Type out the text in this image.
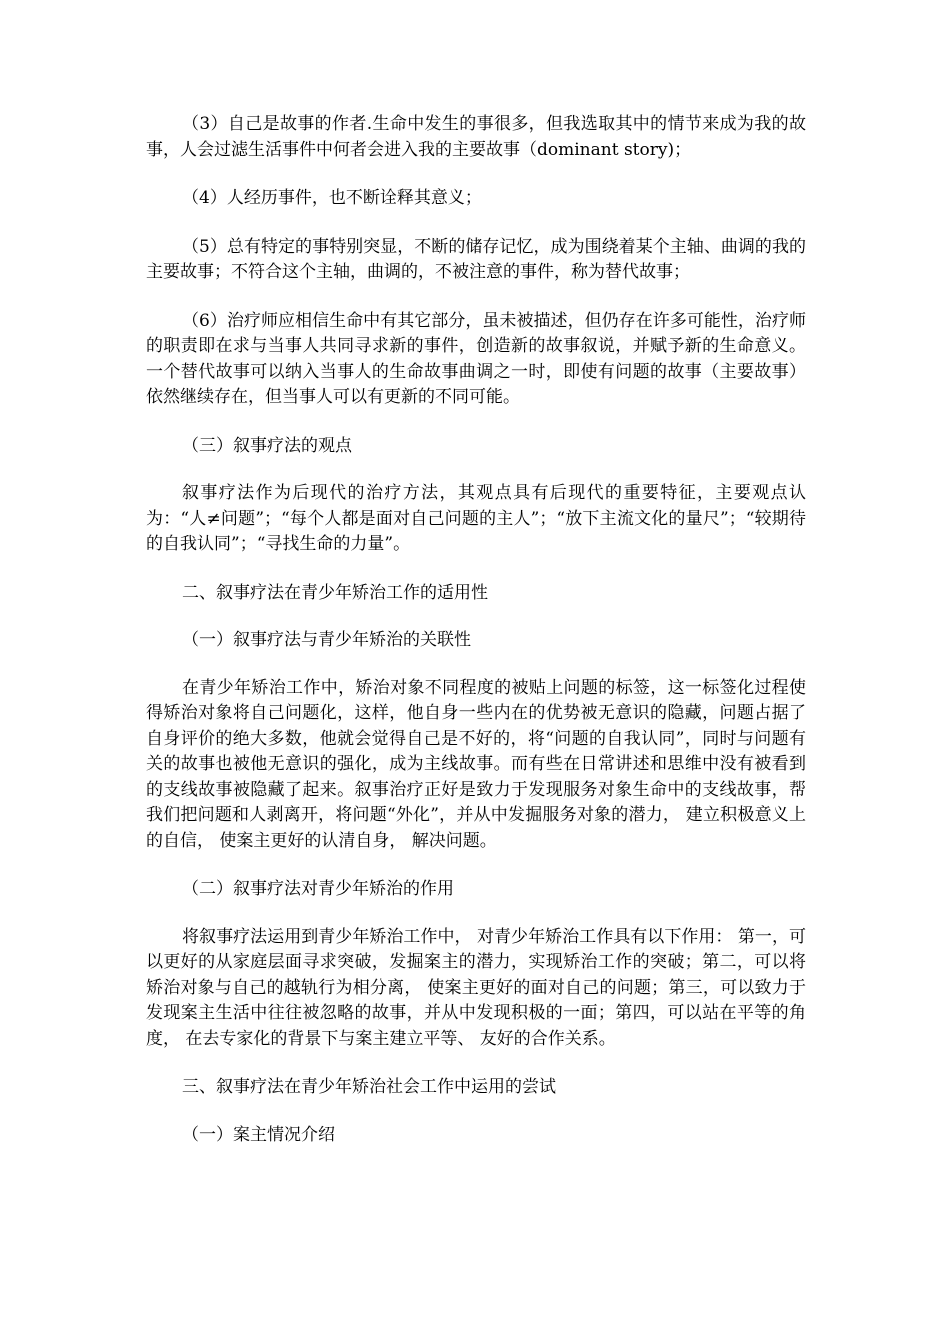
（3）自己是故事的作者.生命中发生的事很多，但我选取其中的情节来成为我的故事，人会过滤生活事件中何者会进入我的主要故事（dominant story)；

（4）人经历事件，也不断诠释其意义；

（5）总有特定的事特别突显，不断的储存记忆，成为围绕着某个主轴、曲调的我的主要故事；不符合这个主轴，曲调的，不被注意的事件，称为替代故事；

（6）治疗师应相信生命中有其它部分，虽未被描述，但仍存在许多可能性，治疗师的职责即在求与当事人共同寻求新的事件，创造新的故事叙说，并赋予新的生命意义。一个替代故事可以纳入当事人的生命故事曲调之一时，即使有问题的故事（主要故事）依然继续存在，但当事人可以有更新的不同可能。

（三）叙事疗法的观点

叙事疗法作为后现代的治疗方法，其观点具有后现代的重要特征，主要观点认为：“人≠问题”；“每个人都是面对自己问题的主人”；“放下主流文化的量尺”；“较期待的自我认同”；“寻找生命的力量”。

二、叙事疗法在青少年矫治工作的适用性

（一）叙事疗法与青少年矫治的关联性

在青少年矫治工作中，矫治对象不同程度的被贴上问题的标签，这一标签化过程使得矫治对象将自己问题化，这样，他自身一些内在的优势被无意识的隐藏，问题占据了自身评价的绝大多数，他就会觉得自己是不好的，将“问题的自我认同”，同时与问题有关的故事也被他无意识的强化，成为主线故事。而有些在日常讲述和思维中没有被看到的支线故事被隐藏了起来。叙事治疗正好是致力于发现服务对象生命中的支线故事，帮我们把问题和人剥离开，将问题“外化”，并从中发掘服务对象的潜力， 建立积极意义上的自信， 使案主更好的认清自身， 解决问题。

（二）叙事疗法对青少年矫治的作用

将叙事疗法运用到青少年矫治工作中， 对青少年矫治工作具有以下作用： 第一，可以更好的从家庭层面寻求突破，发掘案主的潜力，实现矫治工作的突破；第二，可以将矫治对象与自己的越轨行为相分离， 使案主更好的面对自己的问题；第三，可以致力于发现案主生活中往往被忽略的故事，并从中发现积极的一面；第四，可以站在平等的角度， 在去专家化的背景下与案主建立平等、 友好的合作关系。

三、叙事疗法在青少年矫治社会工作中运用的尝试

（一）案主情况介绍
